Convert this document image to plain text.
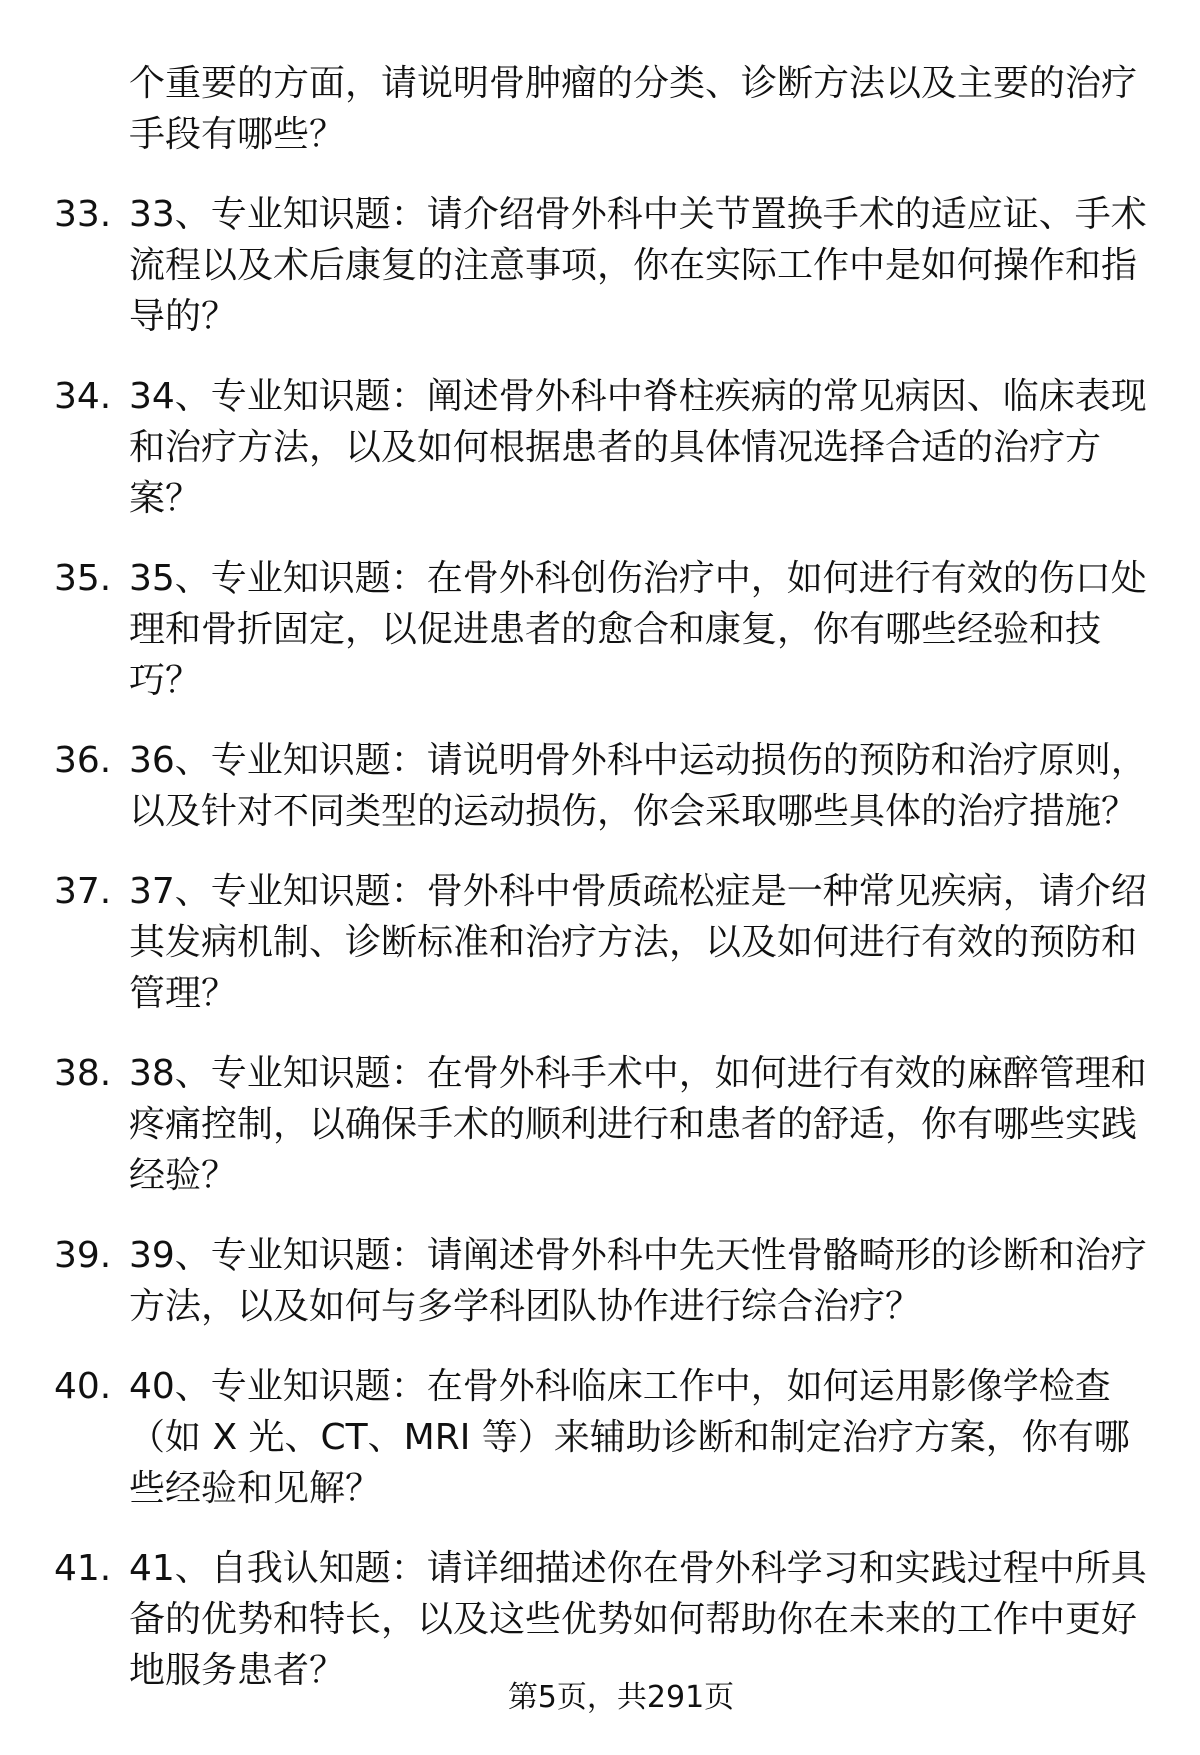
个重要的方面，请说明骨肿瘤的分类、诊断方法以及主要的治疗
手段有哪些？
33. 33、专业知识题：请介绍骨外科中关节置换手术的适应证、手术
流程以及术后康复的注意事项，你在实际工作中是如何操作和指
导的？
34. 34、专业知识题：阐述骨外科中脊柱疾病的常见病因、临床表现
和治疗方法，以及如何根据患者的具体情况选择合适的治疗方
案？
35. 35、专业知识题：在骨外科创伤治疗中，如何进行有效的伤口处
理和骨折固定，以促进患者的愈合和康复，你有哪些经验和技
巧？
36. 36、专业知识题：请说明骨外科中运动损伤的预防和治疗原则，
以及针对不同类型的运动损伤，你会采取哪些具体的治疗措施？
37. 37、专业知识题：骨外科中骨质疏松症是一种常见疾病，请介绍
其发病机制、诊断标准和治疗方法，以及如何进行有效的预防和
管理？
38. 38、专业知识题：在骨外科手术中，如何进行有效的麻醉管理和
疼痛控制，以确保手术的顺利进行和患者的舒适，你有哪些实践
经验？
39. 39、专业知识题：请阐述骨外科中先天性骨骼畸形的诊断和治疗
方法，以及如何与多学科团队协作进行综合治疗？
40. 40、专业知识题：在骨外科临床工作中，如何运用影像学检查
（如 X 光、CT、MRI 等）来辅助诊断和制定治疗方案，你有哪
些经验和见解？
41. 41、自我认知题：请详细描述你在骨外科学习和实践过程中所具
备的优势和特长，以及这些优势如何帮助你在未来的工作中更好
地服务患者？
第5页，共291页
